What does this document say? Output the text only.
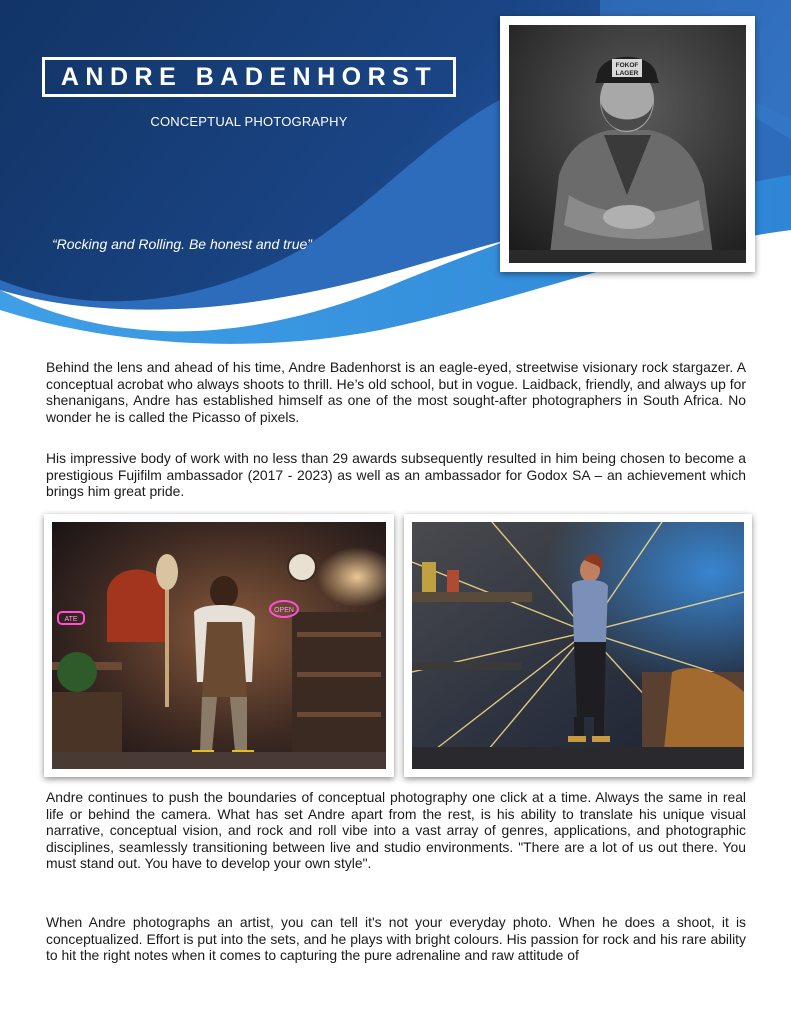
ANDRE BADENHORST
CONCEPTUAL PHOTOGRAPHY
“Rocking and Rolling. Be honest and true”
FOKOF
LAGER

Behind the lens and ahead of his time, Andre Badenhorst is an eagle-eyed, streetwise visionary rock stargazer. A conceptual acrobat who always shoots to thrill. He’s old school, but in vogue. Laidback, friendly, and always up for shenanigans, Andre has established himself as one of the most sought-after photographers in South Africa. No wonder he is called the Picasso of pixels.

His impressive body of work with no less than 29 awards subsequently resulted in him being chosen to become a prestigious Fujifilm ambassador (2017 - 2023) as well as an ambassador for Godox SA – an achievement which brings him great pride.

ATE
OPEN

Andre continues to push the boundaries of conceptual photography one click at a time. Always the same in real life or behind the camera. What has set Andre apart from the rest, is his ability to translate his unique visual narrative, conceptual vision, and rock and roll vibe into a vast array of genres, applications, and photographic disciplines, seamlessly transitioning between live and studio environments. "There are a lot of us out there. You must stand out. You have to develop your own style".

When Andre photographs an artist, you can tell it's not your everyday photo. When he does a shoot, it is conceptualized. Effort is put into the sets, and he plays with bright colours. His passion for rock and his rare ability to hit the right notes when it comes to capturing the pure adrenaline and raw attitude of
